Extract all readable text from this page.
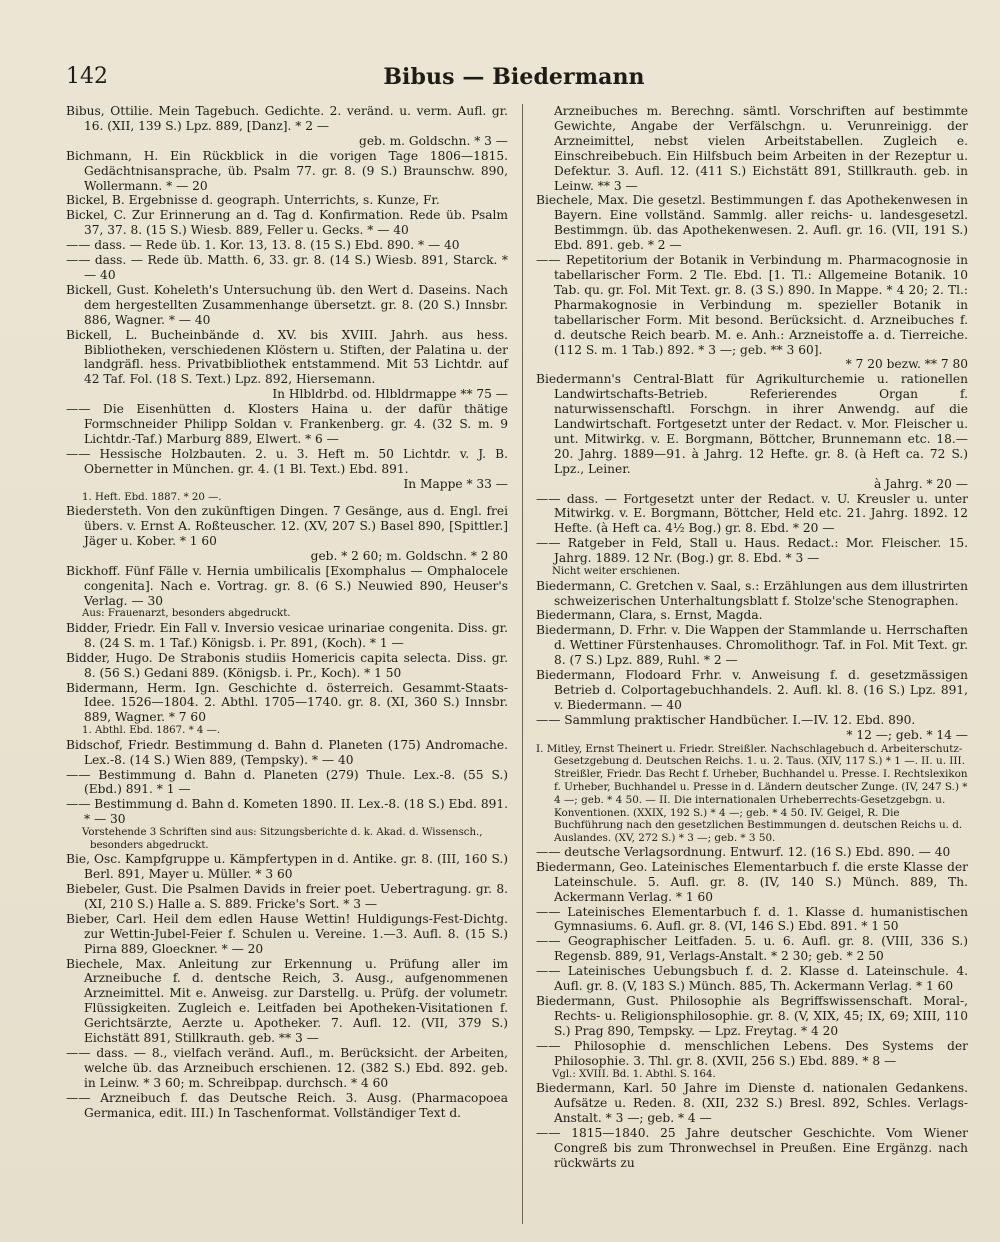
142	Bibus — Biedermann

Bibus, Ottilie. Mein Tagebuch. Gedichte. 2. veränd. u. verm. Aufl. gr. 16. (XII, 139 S.) Lpz. 889, [Danz]. * 2 —
geb. m. Goldschn. * 3 —

Bichmann, H. Ein Rückblick in die vorigen Tage 1806—1815. Gedächtnisansprache, üb. Psalm 77. gr. 8. (9 S.) Braunschw. 890, Wollermann. * — 20

Bickel, B. Ergebnisse d. geograph. Unterrichts, s. Kunze, Fr.

Bickel, C. Zur Erinnerung an d. Tag d. Konfirmation. Rede üb. Psalm 37, 37. 8. (15 S.) Wiesb. 889, Feller u. Gecks. * — 40

—— dass. — Rede üb. 1. Kor. 13, 13. 8. (15 S.) Ebd. 890. * — 40

—— dass. — Rede üb. Matth. 6, 33. gr. 8. (14 S.) Wiesb. 891, Starck. * — 40

Bickell, Gust. Koheleth's Untersuchung üb. den Wert d. Daseins. Nach dem hergestellten Zusammenhange übersetzt. gr. 8. (20 S.) Innsbr. 886, Wagner. * — 40

Bickell, L. Bucheinbände d. XV. bis XVIII. Jahrh. aus hess. Bibliotheken, verschiedenen Klöstern u. Stiften, der Palatina u. der landgräfl. hess. Privatbibliothek entstammend. Mit 53 Lichtdr. auf 42 Taf. Fol. (18 S. Text.) Lpz. 892, Hiersemann.
In Hlbldrbd. od. Hlbldrmappe ** 75 —

—— Die Eisenhütten d. Klosters Haina u. der dafür thätige Formschneider Philipp Soldan v. Frankenberg. gr. 4. (32 S. m. 9 Lichtdr.-Taf.) Marburg 889, Elwert. * 6 —

—— Hessische Holzbauten. 2. u. 3. Heft m. 50 Lichtdr. v. J. B. Obernetter in München. gr. 4. (1 Bl. Text.) Ebd. 891.
In Mappe * 33 —

1. Heft. Ebd. 1887. * 20 —.

Biedersteth. Von den zukünftigen Dingen. 7 Gesänge, aus d. Engl. frei übers. v. Ernst A. Roßteuscher. 12. (XV, 207 S.) Basel 890, [Spittler.] Jäger u. Kober. * 1 60
geb. * 2 60; m. Goldschn. * 2 80

Bickhoff. Fünf Fälle v. Hernia umbilicalis [Exomphalus — Omphalocele congenita]. Nach e. Vortrag. gr. 8. (6 S.) Neuwied 890, Heuser's Verlag. — 30

Aus: Frauenarzt, besonders abgedruckt.

Bidder, Friedr. Ein Fall v. Inversio vesicae urinariae congenita. Diss. gr. 8. (24 S. m. 1 Taf.) Königsb. i. Pr. 891, (Koch). * 1 —

Bidder, Hugo. De Strabonis studiis Homericis capita selecta. Diss. gr. 8. (56 S.) Gedani 889. (Königsb. i. Pr., Koch). * 1 50

Bidermann, Herm. Ign. Geschichte d. österreich. Gesammt-Staats-Idee. 1526—1804. 2. Abthl. 1705—1740. gr. 8. (XI, 360 S.) Innsbr. 889, Wagner. * 7 60

1. Abthl. Ebd. 1867. * 4 —.

Bidschof, Friedr. Bestimmung d. Bahn d. Planeten (175) Andromache. Lex.-8. (14 S.) Wien 889, (Tempsky). * — 40

—— Bestimmung d. Bahn d. Planeten (279) Thule. Lex.-8. (55 S.) (Ebd.) 891. * 1 —

—— Bestimmung d. Bahn d. Kometen 1890. II. Lex.-8. (18 S.) Ebd. 891. * — 30

Vorstehende 3 Schriften sind aus: Sitzungsberichte d. k. Akad. d. Wissensch., besonders abgedruckt.

Bie, Osc. Kampfgruppe u. Kämpfertypen in d. Antike. gr. 8. (III, 160 S.) Berl. 891, Mayer u. Müller. * 3 60

Biebeler, Gust. Die Psalmen Davids in freier poet. Uebertragung. gr. 8. (XI, 210 S.) Halle a. S. 889. Fricke's Sort. * 3 —

Bieber, Carl. Heil dem edlen Hause Wettin! Huldigungs-Fest-Dichtg. zur Wettin-Jubel-Feier f. Schulen u. Vereine. 1.—3. Aufl. 8. (15 S.) Pirna 889, Gloeckner. * — 20

Biechele, Max. Anleitung zur Erkennung u. Prüfung aller im Arzneibuche f. d. dentsche Reich, 3. Ausg., aufgenommenen Arzneimittel. Mit e. Anweisg. zur Darstellg. u. Prüfg. der volumetr. Flüssigkeiten. Zugleich e. Leitfaden bei Apotheken-Visitationen f. Gerichtsärzte, Aerzte u. Apotheker. 7. Aufl. 12. (VII, 379 S.) Eichstätt 891, Stillkrauth. geb. ** 3 —

—— dass. — 8., vielfach veränd. Aufl., m. Berücksicht. der Arbeiten, welche üb. das Arzneibuch erschienen. 12. (382 S.) Ebd. 892. geb. in Leinw. * 3 60; m. Schreibpap. durchsch. * 4 60

—— Arzneibuch f. das Deutsche Reich. 3. Ausg. (Pharmacopoea Germanica, edit. III.) In Taschenformat. Vollständiger Text d.

Arzneibuches m. Berechng. sämtl. Vorschriften auf bestimmte Gewichte, Angabe der Verfälschgn. u. Verunreinigg. der Arzneimittel, nebst vielen Arbeitstabellen. Zugleich e. Einschreibebuch. Ein Hilfsbuch beim Arbeiten in der Rezeptur u. Defektur. 3. Aufl. 12. (411 S.) Eichstätt 891, Stillkrauth. geb. in Leinw. ** 3 —

Biechele, Max. Die gesetzl. Bestimmungen f. das Apothekenwesen in Bayern. Eine vollständ. Sammlg. aller reichs- u. landesgesetzl. Bestimmgn. üb. das Apothekenwesen. 2. Aufl. gr. 16. (VII, 191 S.) Ebd. 891. geb. * 2 —

—— Repetitorium der Botanik in Verbindung m. Pharmacognosie in tabellarischer Form. 2 Tle. Ebd. [1. Tl.: Allgemeine Botanik. 10 Tab. qu. gr. Fol. Mit Text. gr. 8. (3 S.) 890. In Mappe. * 4 20; 2. Tl.: Pharmakognosie in Verbindung m. spezieller Botanik in tabellarischer Form. Mit besond. Berücksicht. d. Arzneibuches f. d. deutsche Reich bearb. M. e. Anh.: Arzneistoffe a. d. Tierreiche. (112 S. m. 1 Tab.) 892. * 3 —; geb. ** 3 60].
* 7 20 bezw. ** 7 80

Biedermann's Central-Blatt für Agrikulturchemie u. rationellen Landwirtschafts-Betrieb. Referierendes Organ f. naturwissenschaftl. Forschgn. in ihrer Anwendg. auf die Landwirtschaft. Fortgesetzt unter der Redact. v. Mor. Fleischer u. unt. Mitwirkg. v. E. Borgmann, Böttcher, Brunnemann etc. 18.—20. Jahrg. 1889—91. à Jahrg. 12 Hefte. gr. 8. (à Heft ca. 72 S.) Lpz., Leiner.
à Jahrg. * 20 —

—— dass. — Fortgesetzt unter der Redact. v. U. Kreusler u. unter Mitwirkg. v. E. Borgmann, Böttcher, Held etc. 21. Jahrg. 1892. 12 Hefte. (à Heft ca. 4½ Bog.) gr. 8. Ebd. * 20 —

—— Ratgeber in Feld, Stall u. Haus. Redact.: Mor. Fleischer. 15. Jahrg. 1889. 12 Nr. (Bog.) gr. 8. Ebd. * 3 —

Nicht weiter erschienen.

Biedermann, C. Gretchen v. Saal, s.: Erzählungen aus dem illustrirten schweizerischen Unterhaltungsblatt f. Stolze'sche Stenographen.

Biedermann, Clara, s. Ernst, Magda.

Biedermann, D. Frhr. v. Die Wappen der Stammlande u. Herrschaften d. Wettiner Fürstenhauses. Chromolithogr. Taf. in Fol. Mit Text. gr. 8. (7 S.) Lpz. 889, Ruhl. * 2 —

Biedermann, Flodoard Frhr. v. Anweisung f. d. gesetzmässigen Betrieb d. Colportagebuchhandels. 2. Aufl. kl. 8. (16 S.) Lpz. 891, v. Biedermann. — 40

—— Sammlung praktischer Handbücher. I.—IV. 12. Ebd. 890.
* 12 —; geb. * 14 —

I. Mitley, Ernst Theinert u. Friedr. Streißler. Nachschlagebuch d. Arbeiterschutz-Gesetzgebung d. Deutschen Reichs. 1. u. 2. Taus. (XIV, 117 S.) * 1 —. II. u. III. Streißler, Friedr. Das Recht f. Urheber, Buchhandel u. Presse. I. Rechtslexikon f. Urheber, Buchhandel u. Presse in d. Ländern deutscher Zunge. (IV, 247 S.) * 4 —; geb. * 4 50. — II. Die internationalen Urheberrechts-Gesetzgebgn. u. Konventionen. (XXIX, 192 S.) * 4 —; geb. * 4 50. IV. Geigel, R. Die Buchführung nach den gesetzlichen Bestimmungen d. deutschen Reichs u. d. Auslandes. (XV, 272 S.) * 3 —; geb. * 3 50.

—— deutsche Verlagsordnung. Entwurf. 12. (16 S.) Ebd. 890. — 40

Biedermann, Geo. Lateinisches Elementarbuch f. die erste Klasse der Lateinschule. 5. Aufl. gr. 8. (IV, 140 S.) Münch. 889, Th. Ackermann Verlag. * 1 60

—— Lateinisches Elementarbuch f. d. 1. Klasse d. humanistischen Gymnasiums. 6. Aufl. gr. 8. (VI, 146 S.) Ebd. 891. * 1 50

—— Geographischer Leitfaden. 5. u. 6. Aufl. gr. 8. (VIII, 336 S.) Regensb. 889, 91, Verlags-Anstalt. * 2 30; geb. * 2 50

—— Lateinisches Uebungsbuch f. d. 2. Klasse d. Lateinschule. 4. Aufl. gr. 8. (V, 183 S.) Münch. 885, Th. Ackermann Verlag. * 1 60

Biedermann, Gust. Philosophie als Begriffswissenschaft. Moral-, Rechts- u. Religionsphilosophie. gr. 8. (V, XIX, 45; IX, 69; XIII, 110 S.) Prag 890, Tempsky. — Lpz. Freytag. * 4 20

—— Philosophie d. menschlichen Lebens. Des Systems der Philosophie. 3. Thl. gr. 8. (XVII, 256 S.) Ebd. 889. * 8 —

Vgl.: XVIII. Bd. 1. Abthl. S. 164.

Biedermann, Karl. 50 Jahre im Dienste d. nationalen Gedankens. Aufsätze u. Reden. 8. (XII, 232 S.) Bresl. 892, Schles. Verlags-Anstalt. * 3 —; geb. * 4 —

—— 1815—1840. 25 Jahre deutscher Geschichte. Vom Wiener Congreß bis zum Thronwechsel in Preußen. Eine Ergänzg. nach rückwärts zu
